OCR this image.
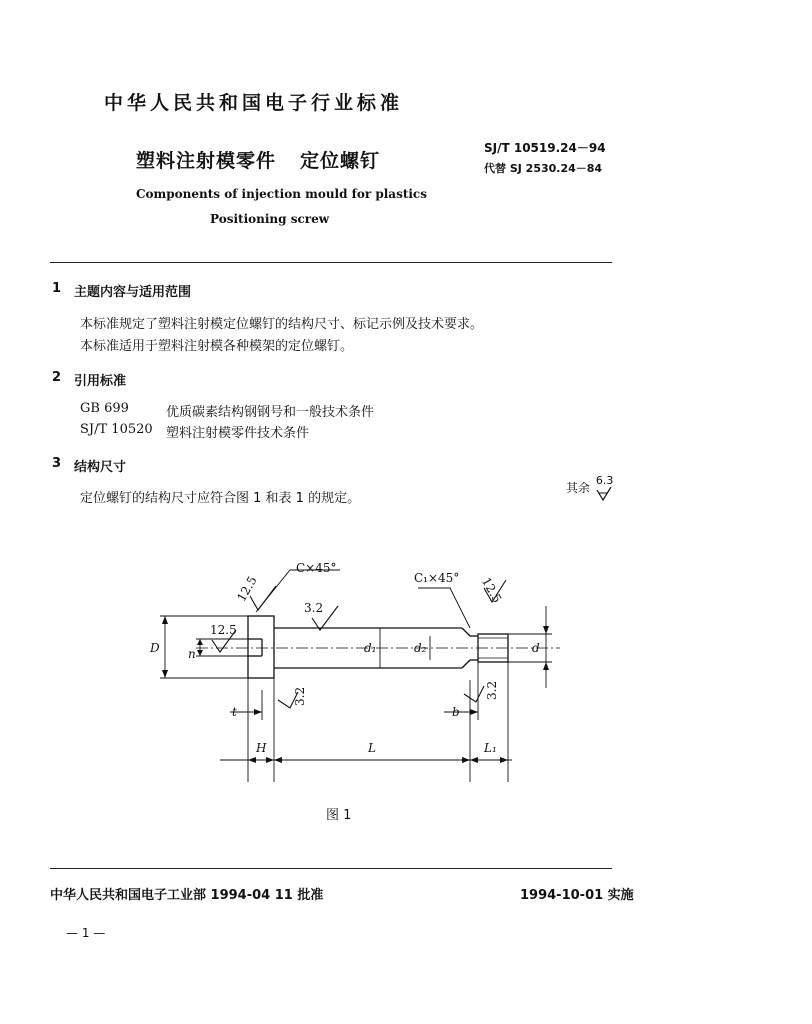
中华人民共和国电子行业标准
塑料注射模零件 定位螺钉
SJ/T 10519.24－94
代替 SJ 2530.24－84
Components of injection mould for plastics
Positioning screw
1 主题内容与适用范围
本标准规定了塑料注射模定位螺钉的结构尺寸、标记示例及技术要求。
本标准适用于塑料注射模各种模架的定位螺钉。
2 引用标准
GB 699	优质碳素结构钢钢号和一般技术条件
SJ/T 10520 塑料注射模零件技术条件
3 结构尺寸
定位螺钉的结构尺寸应符合图 1 和表 1 的规定。
其余 6.3
C×45°
C₁×45°
12.5
3.2
12.5
12.5
3.2	3.2
D n	d₁	d₂	d
t	b
H	L	L₁
图 1
中华人民共和国电子工业部 1994-04 11 批准	1994-10-01 实施
— 1 —
